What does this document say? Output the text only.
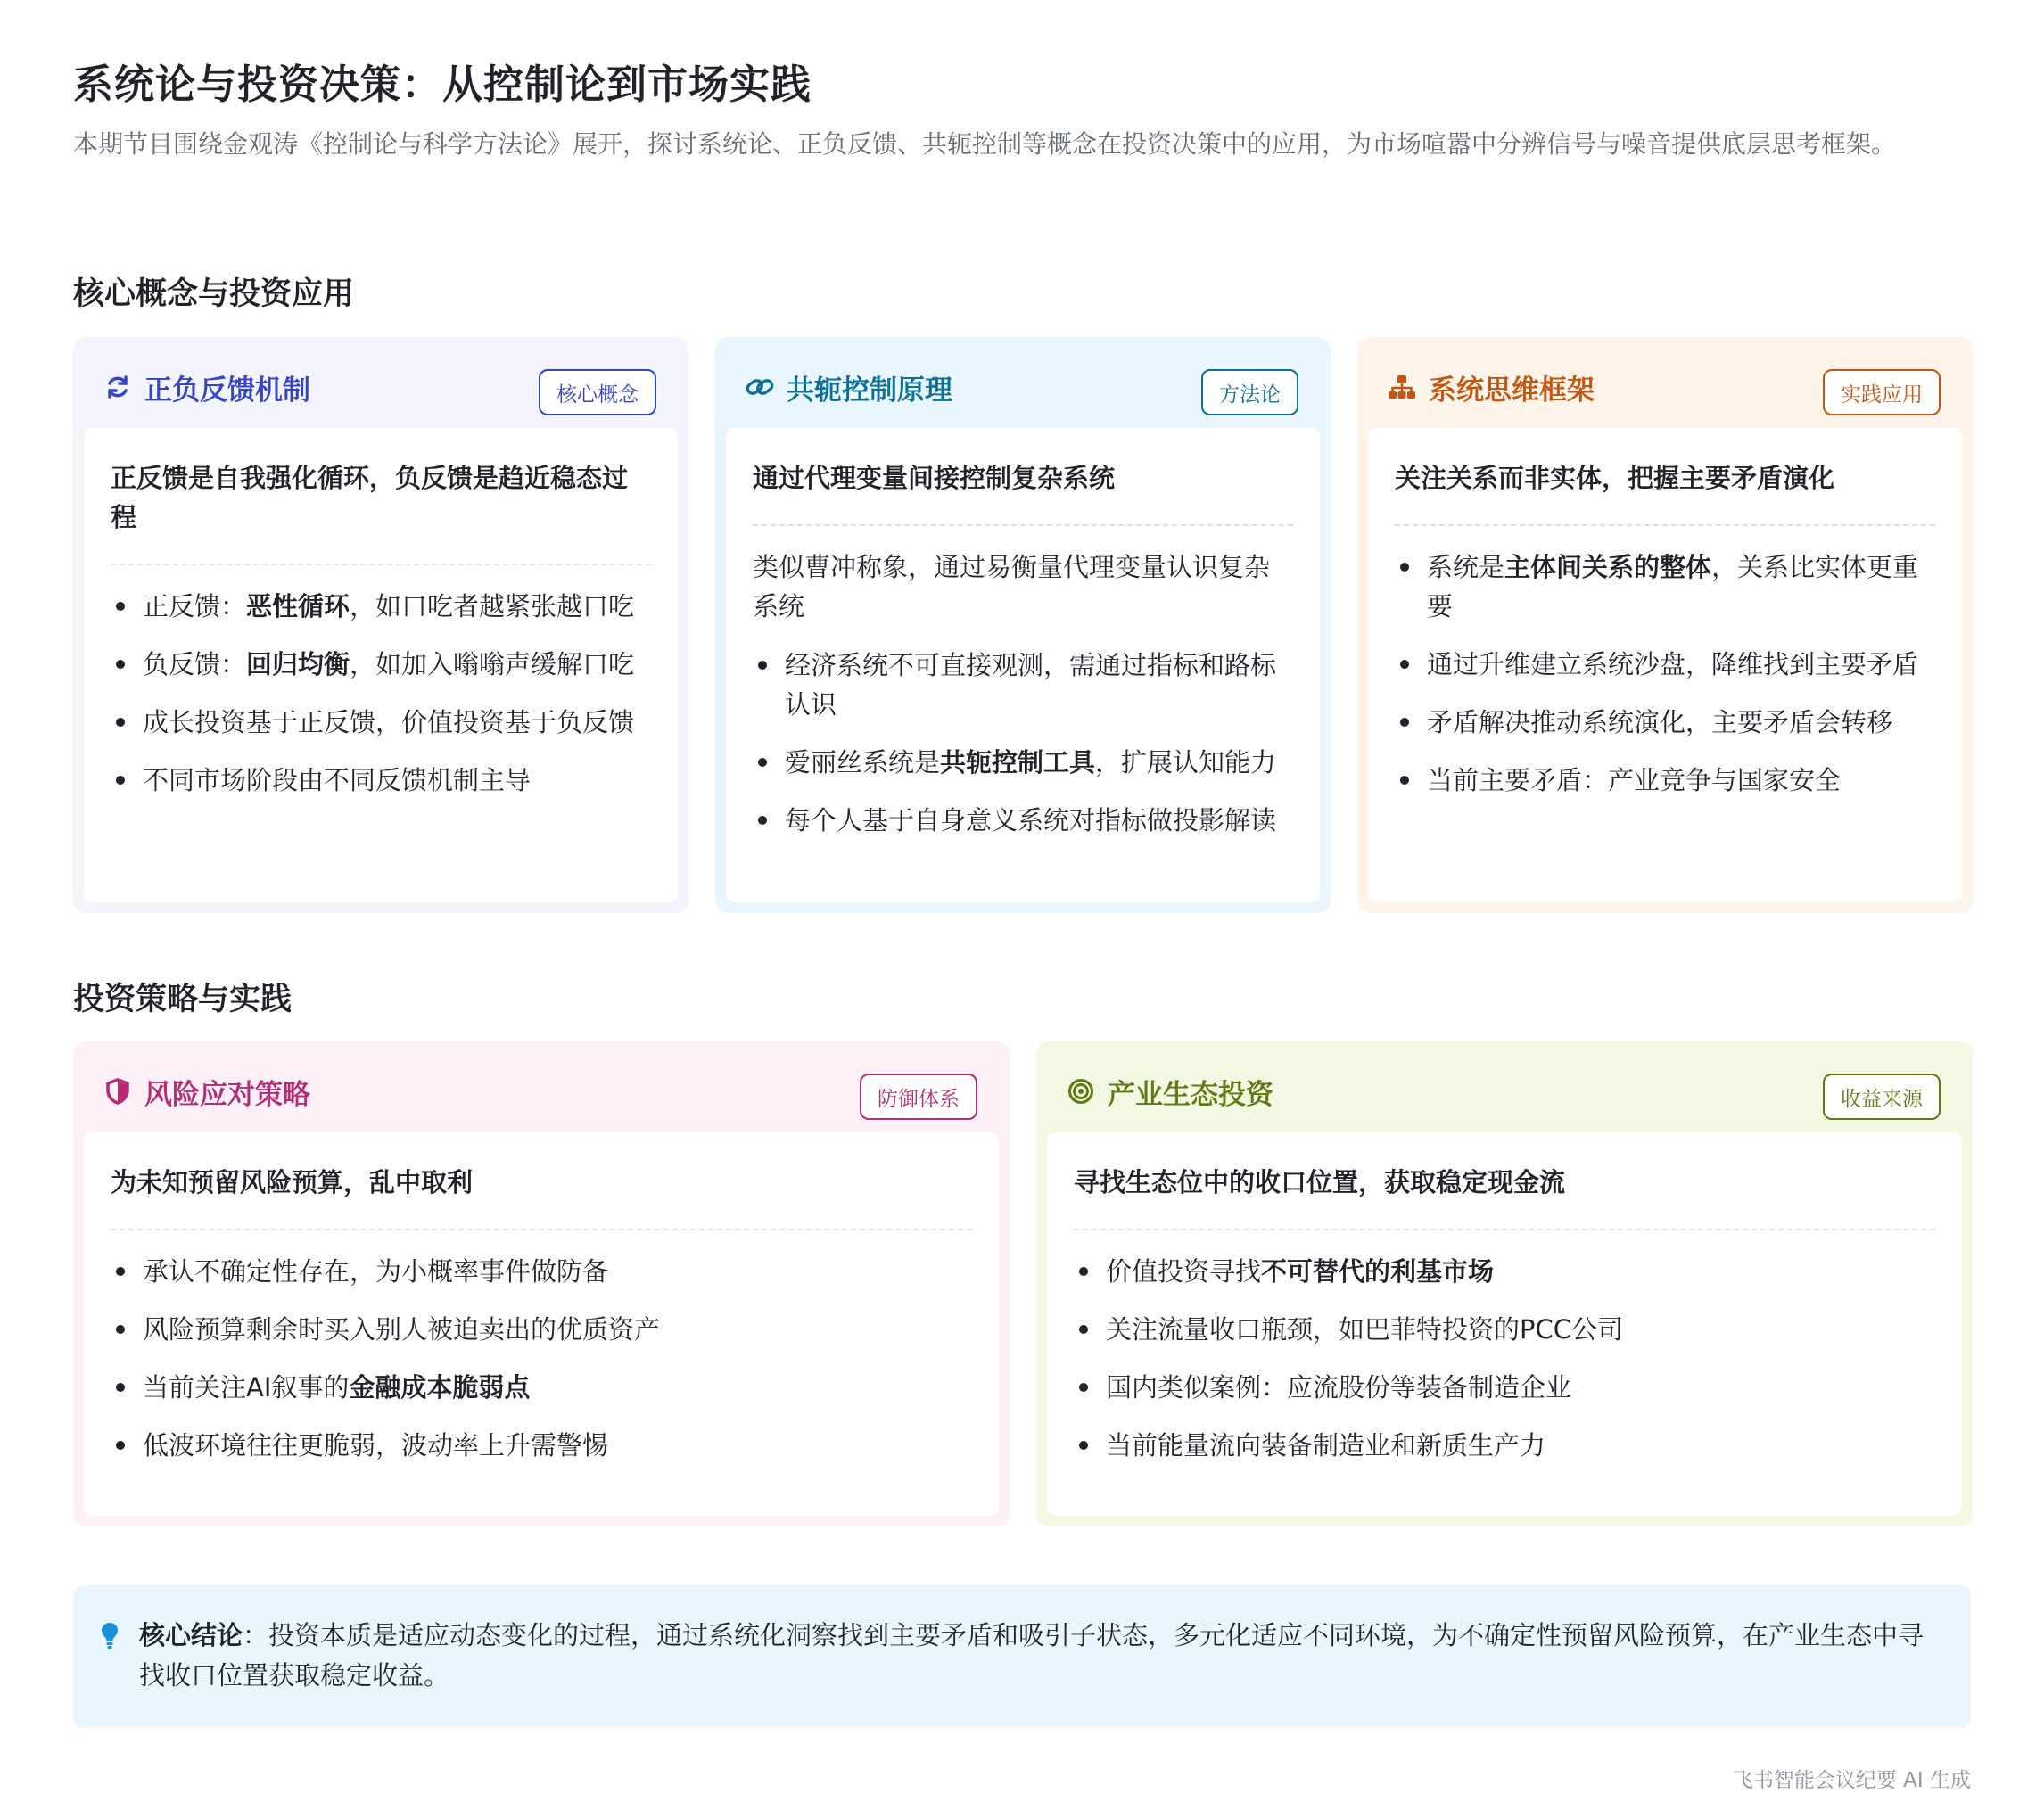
系统论与投资决策：从控制论到市场实践

本期节目围绕金观涛《控制论与科学方法论》展开，探讨系统论、正负反馈、共轭控制等概念在投资决策中的应用，为市场喧嚣中分辨信号与噪音提供底层思考框架。

核心概念与投资应用
正负反馈机制	核心概念
正反馈是自我强化循环，负反馈是趋近稳态过程
正反馈：恶性循环，如口吃者越紧张越口吃
负反馈：回归均衡，如加入嗡嗡声缓解口吃
成长投资基于正反馈，价值投资基于负反馈
不同市场阶段由不同反馈机制主导
共轭控制原理	方法论
通过代理变量间接控制复杂系统
类似曹冲称象，通过易衡量代理变量认识复杂系统
经济系统不可直接观测，需通过指标和路标认识
爱丽丝系统是共轭控制工具，扩展认知能力
每个人基于自身意义系统对指标做投影解读
系统思维框架	实践应用
关注关系而非实体，把握主要矛盾演化
系统是主体间关系的整体，关系比实体更重要
通过升维建立系统沙盘，降维找到主要矛盾
矛盾解决推动系统演化，主要矛盾会转移
当前主要矛盾：产业竞争与国家安全
投资策略与实践
风险应对策略	防御体系
为未知预留风险预算，乱中取利
承认不确定性存在，为小概率事件做防备
风险预算剩余时买入别人被迫卖出的优质资产
当前关注AI叙事的金融成本脆弱点
低波环境往往更脆弱，波动率上升需警惕
产业生态投资	收益来源
寻找生态位中的收口位置，获取稳定现金流
价值投资寻找不可替代的利基市场
关注流量收口瓶颈，如巴菲特投资的PCC公司
国内类似案例：应流股份等装备制造企业
当前能量流向装备制造业和新质生产力
核心结论：投资本质是适应动态变化的过程，通过系统化洞察找到主要矛盾和吸引子状态，多元化适应不同环境，为不确定性预留风险预算，在产业生态中寻找收口位置获取稳定收益。
飞书智能会议纪要 AI 生成
